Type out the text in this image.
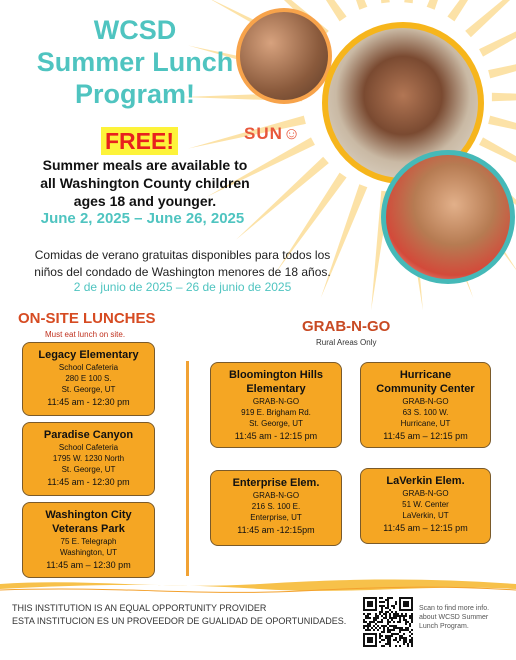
WCSD
Summer Lunch
Program!
SUN☺
FREE!
Summer meals are available to
all Washington County children
ages 18 and younger.
June 2, 2025 – June 26, 2025
Comidas de verano gratuitas disponibles para todos los
niños del condado de Washington menores de 18 años.
2 de junio de 2025 – 26 de junio de 2025
ON-SITE LUNCHES
Must eat lunch on site.	GRAB-N-GO
Rural Areas Only
Legacy Elementary
School Cafeteria
280 E 100 S.
St. George, UT
11:45 am - 12:30 pm
Paradise Canyon
School Cafeteria
1795 W. 1230 North
St. George, UT
11:45 am - 12:30 pm
Washington City
Veterans Park
75 E. Telegraph
Washington, UT
11:45 am – 12:30 pm
Bloomington Hills
Elementary
GRAB-N-GO
919 E. Brigham Rd.
St. George, UT
11:45 am - 12:15 pm
Hurricane
Community Center
GRAB-N-GO
63 S. 100 W.
Hurricane, UT
11:45 am – 12:15 pm
Enterprise Elem.
GRAB-N-GO
216 S. 100 E.
Enterprise, UT
11:45 am -12:15pm
LaVerkin Elem.
GRAB-N-GO
51 W. Center
LaVerkin, UT
11:45 am – 12:15 pm
THIS INSTITUTION IS AN EQUAL OPPORTUNITY PROVIDER
ESTA INSTITUCION ES UN PROVEEDOR DE GUALIDAD DE OPORTUNIDADES.
Scan to find more info.
about WCSD Summer
Lunch Program.
